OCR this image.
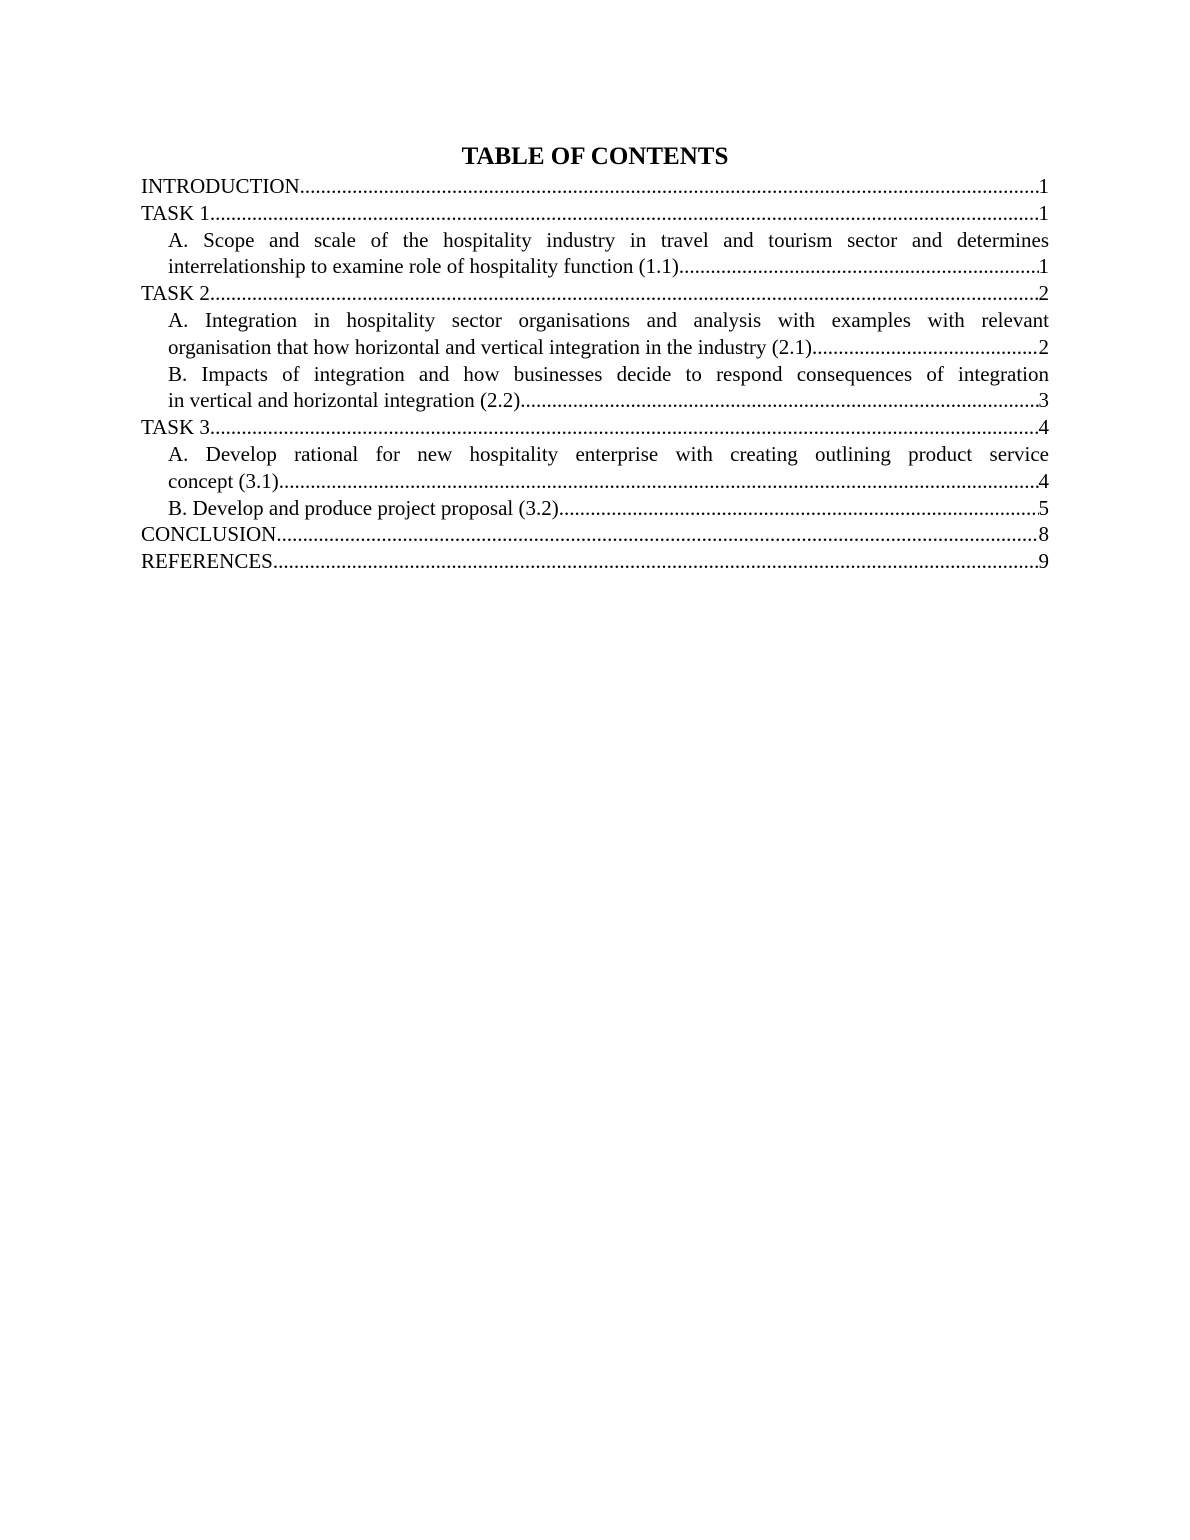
TABLE OF CONTENTS
INTRODUCTION .....	1
TASK 1 .....	1
A. Scope and scale of the hospitality industry in travel and tourism sector and determines
interrelationship to examine role of hospitality function (1.1) .....	1
TASK 2 .....	2
A. Integration in hospitality sector organisations and analysis with examples with relevant
organisation that how horizontal and vertical integration in the industry (2.1) .....	2
B. Impacts of integration and how businesses decide to respond consequences of integration
in vertical and horizontal integration (2.2) .....	3
TASK 3 .....	4
A. Develop rational for new hospitality enterprise with creating outlining product service
concept (3.1) .....	4
B. Develop and produce project proposal (3.2) .....	5
CONCLUSION .....	8
REFERENCES .....	9
